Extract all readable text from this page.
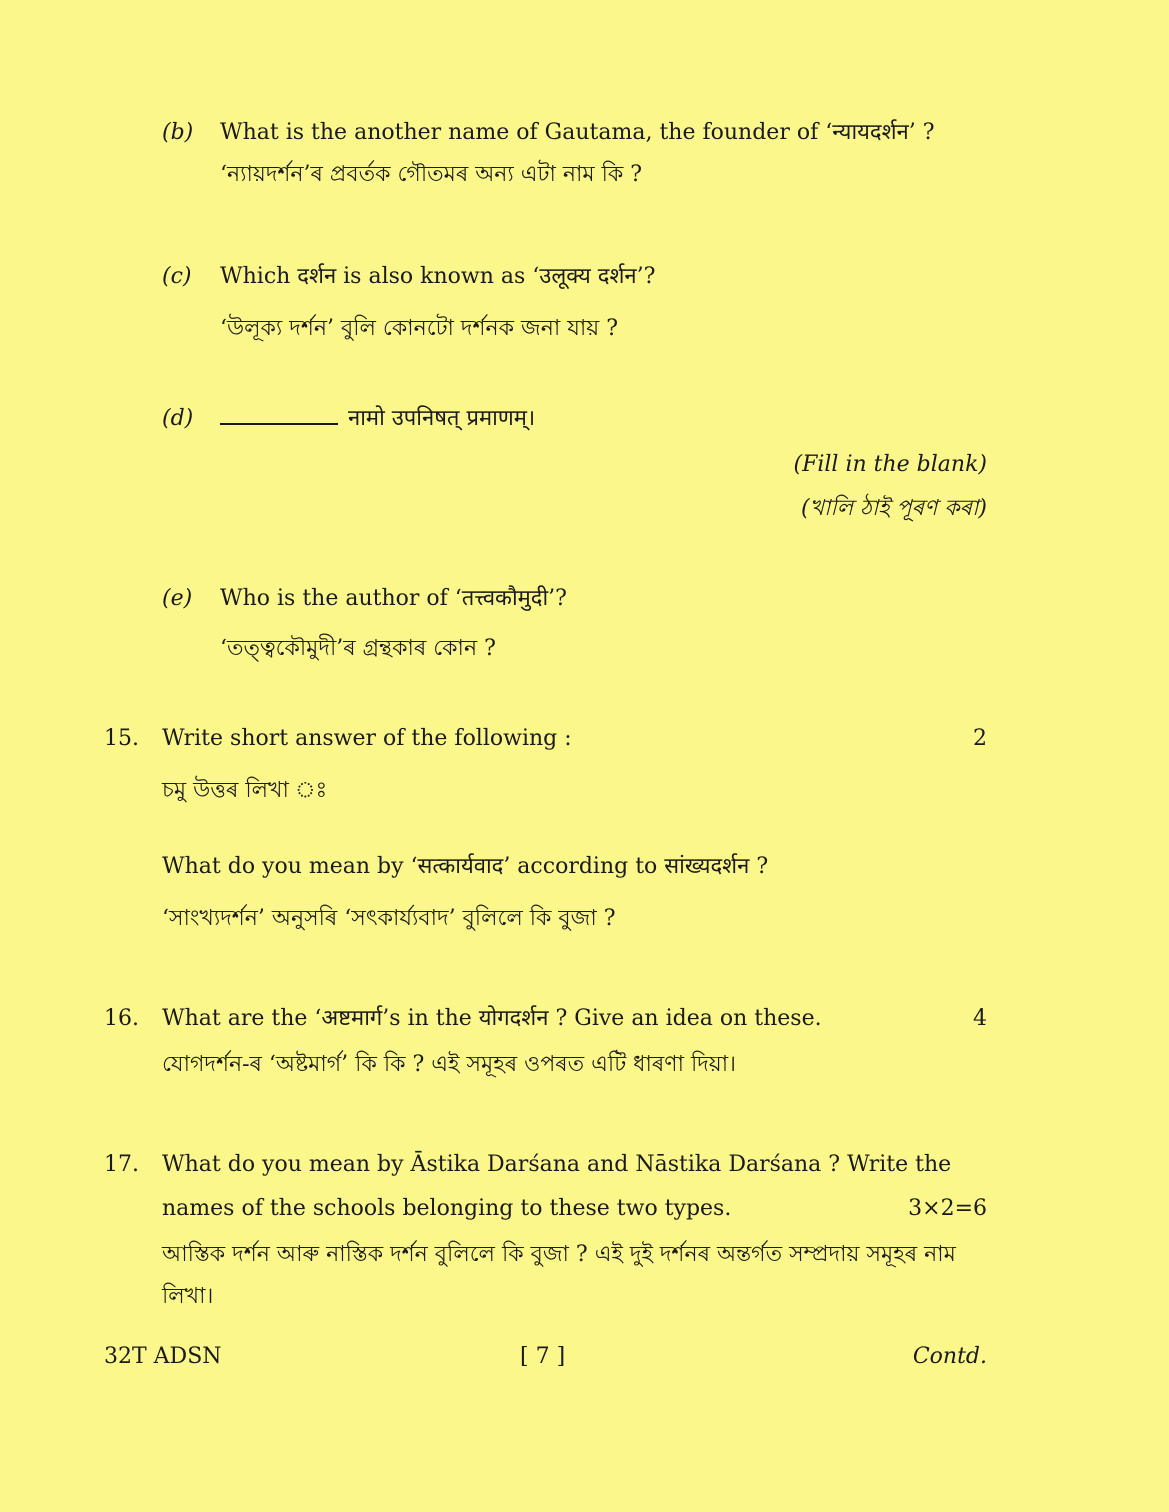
(b) What is the another name of Gautama, the founder of ‘न्यायदर्शन’ ?
‘ন্যায়দর্শন’ৰ প্ৰবৰ্তক গৌতমৰ অন্য এটা নাম কি ?
(c) Which दर्शन is also known as ‘उलूक्य दर्शन’?
‘উলূক্য দৰ্শন’ বুলি কোনটো দৰ্শনক জনা যায় ?
(d)	नामो उपनिषत् प्रमाणम्।
(Fill in the blank)
(খালি ঠাই পূৰণ কৰা)
(e) Who is the author of ‘तत्त्वकौमुदी’?
‘তত্ত্বকৌমুদী’ৰ গ্ৰন্থকাৰ কোন ?
15. Write short answer of the following :	2
চমু উত্তৰ লিখা ঃ
What do you mean by ‘सत्कार्यवाद’ according to सांख्यदर्शन ?
‘সাংখ্যদৰ্শন’ অনুসৰি ‘সৎকাৰ্য্যবাদ’ বুলিলে কি বুজা ?
16. What are the ‘अष्टमार्ग’s in the योगदर्शन ? Give an idea on these.	4
যোগদৰ্শন-ৰ ‘অষ্টমাৰ্গ’ কি কি ? এই সমূহৰ ওপৰত এটি ধাৰণা দিয়া।
17. What do you mean by Āstika Darśana and Nāstika Darśana ? Write the
names of the schools belonging to these two types.	3×2=6
আস্তিক দৰ্শন আৰু নাস্তিক দৰ্শন বুলিলে কি বুজা ? এই দুই দৰ্শনৰ অন্তৰ্গত সম্প্ৰদায় সমূহৰ নাম
লিখা।
32T ADSN	[ 7 ]	Contd.
